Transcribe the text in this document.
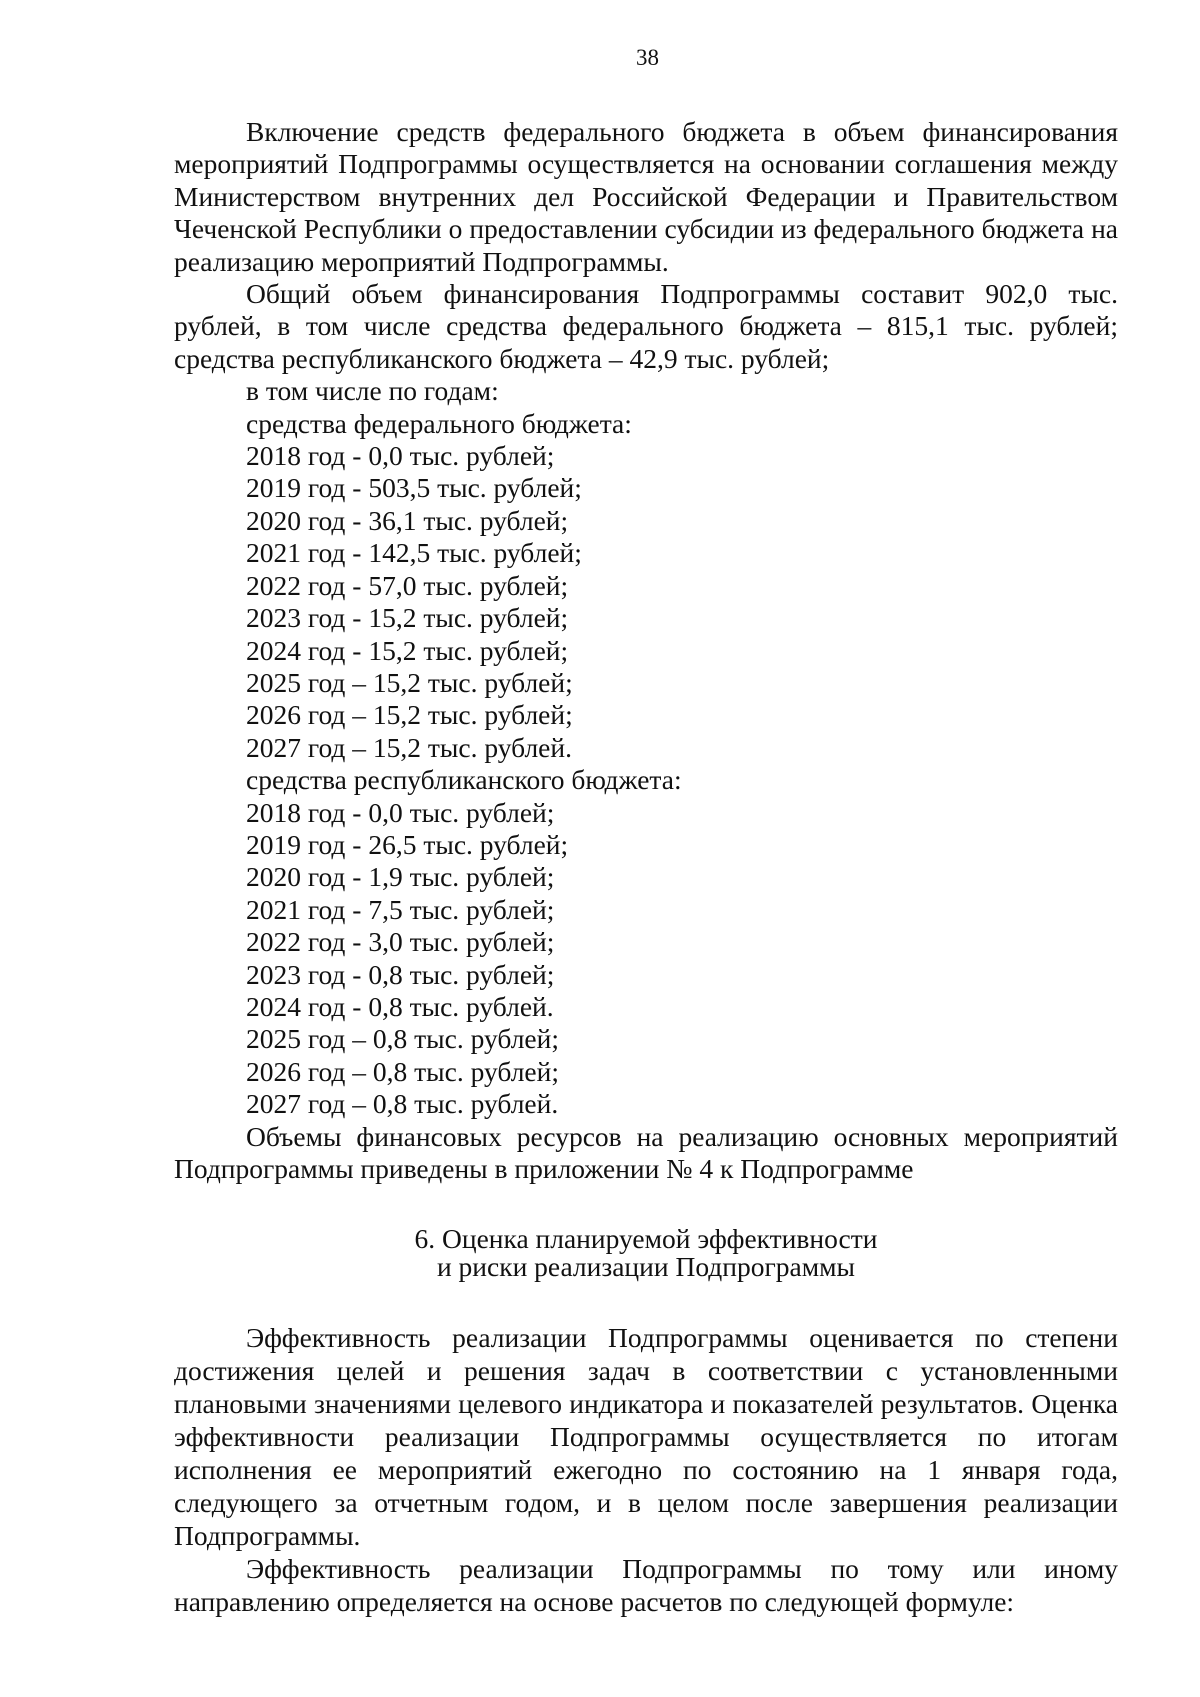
38

Включение средств федерального бюджета в объем финансирования мероприятий Подпрограммы осуществляется на основании соглашения между Министерством внутренних дел Российской Федерации и Правительством Чеченской Республики о предоставлении субсидии из федерального бюджета на реализацию мероприятий Подпрограммы.

Общий объем финансирования Подпрограммы составит 902,0 тыс. рублей, в том числе средства федерального бюджета – 815,1 тыс. рублей; средства республиканского бюджета – 42,9 тыс. рублей;

в том числе по годам:
средства федерального бюджета:
2018 год - 0,0 тыс. рублей;
2019 год - 503,5 тыс. рублей;
2020 год - 36,1 тыс. рублей;
2021 год - 142,5 тыс. рублей;
2022 год - 57,0 тыс. рублей;
2023 год - 15,2 тыс. рублей;
2024 год - 15,2 тыс. рублей;
2025 год – 15,2 тыс. рублей;
2026 год – 15,2 тыс. рублей;
2027 год – 15,2 тыс. рублей.
средства республиканского бюджета:
2018 год - 0,0 тыс. рублей;
2019 год - 26,5 тыс. рублей;
2020 год - 1,9 тыс. рублей;
2021 год - 7,5 тыс. рублей;
2022 год - 3,0 тыс. рублей;
2023 год - 0,8 тыс. рублей;
2024 год - 0,8 тыс. рублей.
2025 год – 0,8 тыс. рублей;
2026 год – 0,8 тыс. рублей;
2027 год – 0,8 тыс. рублей.

Объемы финансовых ресурсов на реализацию основных мероприятий Подпрограммы приведены в приложении № 4 к Подпрограмме

6. Оценка планируемой эффективности
и риски реализации Подпрограммы

Эффективность реализации Подпрограммы оценивается по степени достижения целей и решения задач в соответствии с установленными плановыми значениями целевого индикатора и показателей результатов. Оценка эффективности реализации Подпрограммы осуществляется по итогам исполнения ее мероприятий ежегодно по состоянию на 1 января года, следующего за отчетным годом, и в целом после завершения реализации Подпрограммы.

Эффективность реализации Подпрограммы по тому или иному направлению определяется на основе расчетов по следующей формуле:
